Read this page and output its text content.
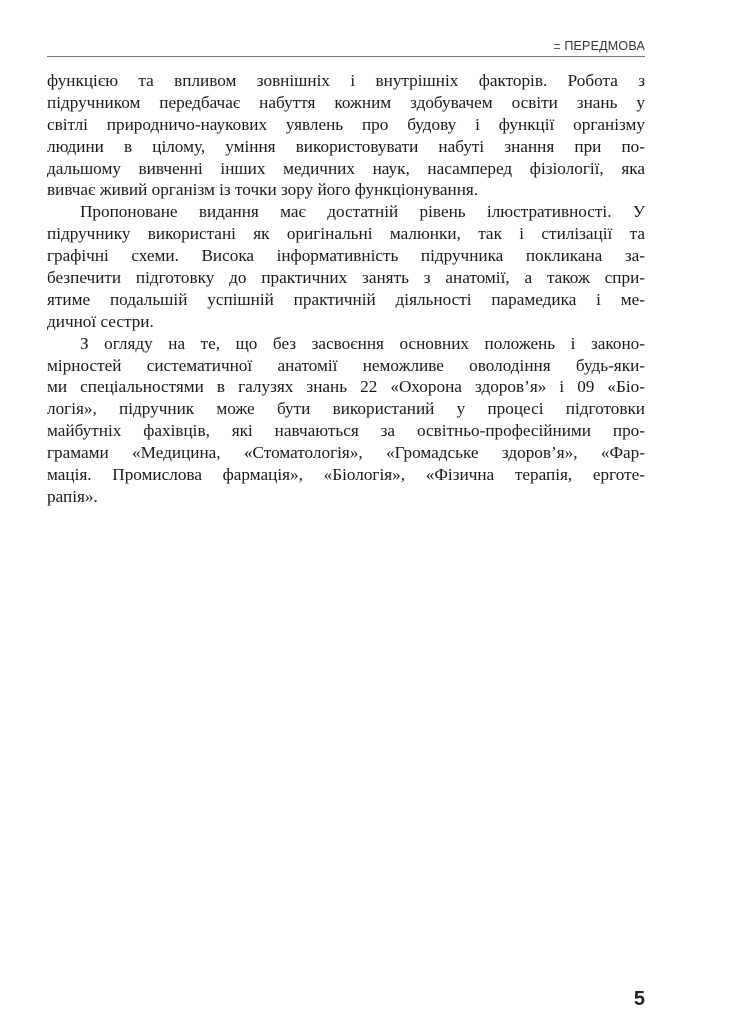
ПЕРЕДМОВА
функцією та впливом зовнішніх і внутрішніх факторів. Робота з
підручником передбачає набуття кожним здобувачем освіти знань у
світлі природничо-наукових уявлень про будову і функції організму
людини в цілому, уміння використовувати набуті знання при по-
дальшому вивченні інших медичних наук, насамперед фізіології, яка
вивчає живий організм із точки зору його функціонування.
Пропоноване видання має достатній рівень ілюстративності. У
підручнику використані як оригінальні малюнки, так і стилізації та
графічні схеми. Висока інформативність підручника покликана за-
безпечити підготовку до практичних занять з анатомії, а також спри-
ятиме подальшій успішній практичній діяльності парамедика і ме-
дичної сестри.
З огляду на те, що без засвоєння основних положень і законо-
мірностей систематичної анатомії неможливе оволодіння будь-яки-
ми спеціальностями в галузях знань 22 «Охорона здоров’я» і 09 «Біо-
логія», підручник може бути використаний у процесі підготовки
майбутніх фахівців, які навчаються за освітньо-професійними про-
грамами «Медицина, «Стоматологія», «Громадське здоров’я», «Фар-
мація. Промислова фармація», «Біологія», «Фізична терапія, ерготе-
рапія».
5
